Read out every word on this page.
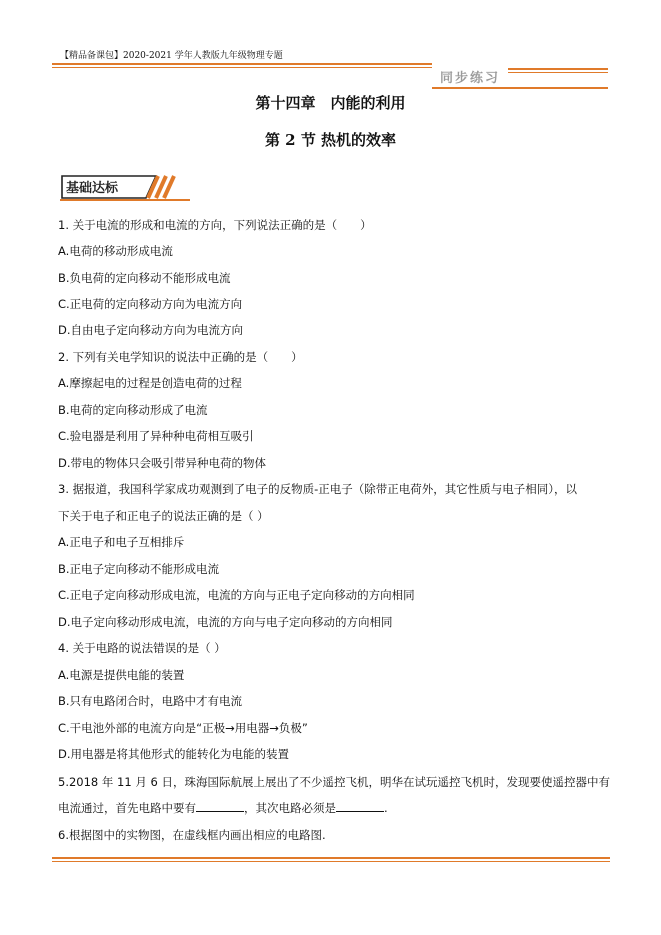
【精品备课包】2020-2021 学年人教版九年级物理专题
同步练习
第十四章　内能的利用
第 2 节 热机的效率
基础达标
1. 关于电流的形成和电流的方向，下列说法正确的是（　　）
A.电荷的移动形成电流
B.负电荷的定向移动不能形成电流
C.正电荷的定向移动方向为电流方向
D.自由电子定向移动方向为电流方向
2. 下列有关电学知识的说法中正确的是（　　）
A.摩擦起电的过程是创造电荷的过程
B.电荷的定向移动形成了电流
C.验电器是利用了异种种电荷相互吸引
D.带电的物体只会吸引带异种电荷的物体
3. 据报道，我国科学家成功观测到了电子的反物质-正电子（除带正电荷外，其它性质与电子相同），以
下关于电子和正电子的说法正确的是（ ）
A.正电子和电子互相排斥
B.正电子定向移动不能形成电流
C.正电子定向移动形成电流，电流的方向与正电子定向移动的方向相同
D.电子定向移动形成电流，电流的方向与电子定向移动的方向相同
4. 关于电路的说法错误的是（ ）
A.电源是提供电能的装置
B.只有电路闭合时，电路中才有电流
C.干电池外部的电流方向是“正极→用电器→负极”
D.用电器是将其他形式的能转化为电能的装置
5.2018 年 11 月 6 日，珠海国际航展上展出了不少遥控飞机，明华在试玩遥控飞机时，发现要使遥控器中有
电流通过，首先电路中要有	，其次电路必须是	.
6.根据图中的实物图，在虚线框内画出相应的电路图.
